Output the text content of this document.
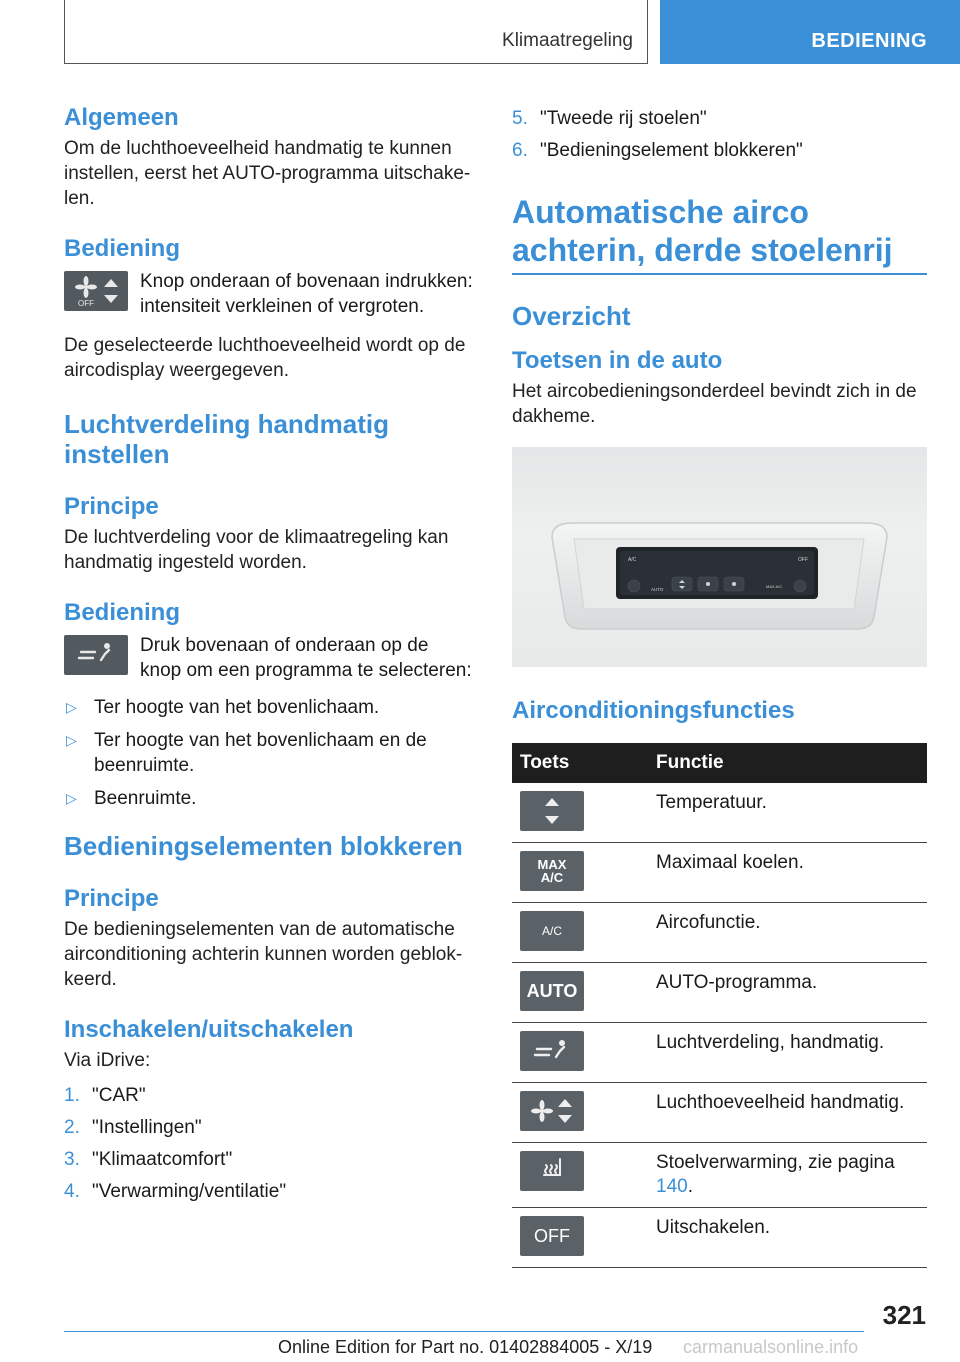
Klimaatregeling	BEDIENING
Algemeen

Om de luchthoeveelheid handmatig te kunnen instellen, eerst het AUTO-programma uitschakelen.

Bediening
OFF

Knop onderaan of bovenaan indrukken: intensiteit verkleinen of vergroten.

De geselecteerde luchthoeveelheid wordt op de aircodisplay weergegeven.

Luchtverdeling handmatig instellen
Principe

De luchtverdeling voor de klimaatregeling kan handmatig ingesteld worden.

Bediening

Druk bovenaan of onderaan op de knop om een programma te selecteren:

▷ Ter hoogte van het bovenlichaam.
▷ Ter hoogte van het bovenlichaam en de beenruimte.
▷ Beenruimte.
Bedieningselementen blokkeren
Principe

De bedieningselementen van de automatische airconditioning achterin kunnen worden geblokkeerd.

Inschakelen/uitschakelen

Via iDrive:

1. "CAR"
2. "Instellingen"
3. "Klimaatcomfort"
4. "Verwarming/ventilatie"
5. "Tweede rij stoelen"
6. "Bedieningselement blokkeren"
Automatische airco achterin, derde stoelenrij
Overzicht
Toetsen in de auto

Het aircobedieningsonderdeel bevindt zich in de dakheme.

A/C	OFF
AUTO
MAX A/C
Airconditioningsfuncties
Toets	Functie

	Temperatuur.

MAX A/C	Maximaal koelen.

A/C	Aircofunctie.

AUTO	AUTO-programma.

	Luchtverdeling, handmatig.

	Luchthoeveelheid handmatig.

	Stoelverwarming, zie pagina 140.

OFF	Uitschakelen.
321
Online Edition for Part no. 01402884005 - X/19 carmanualsonline.info
